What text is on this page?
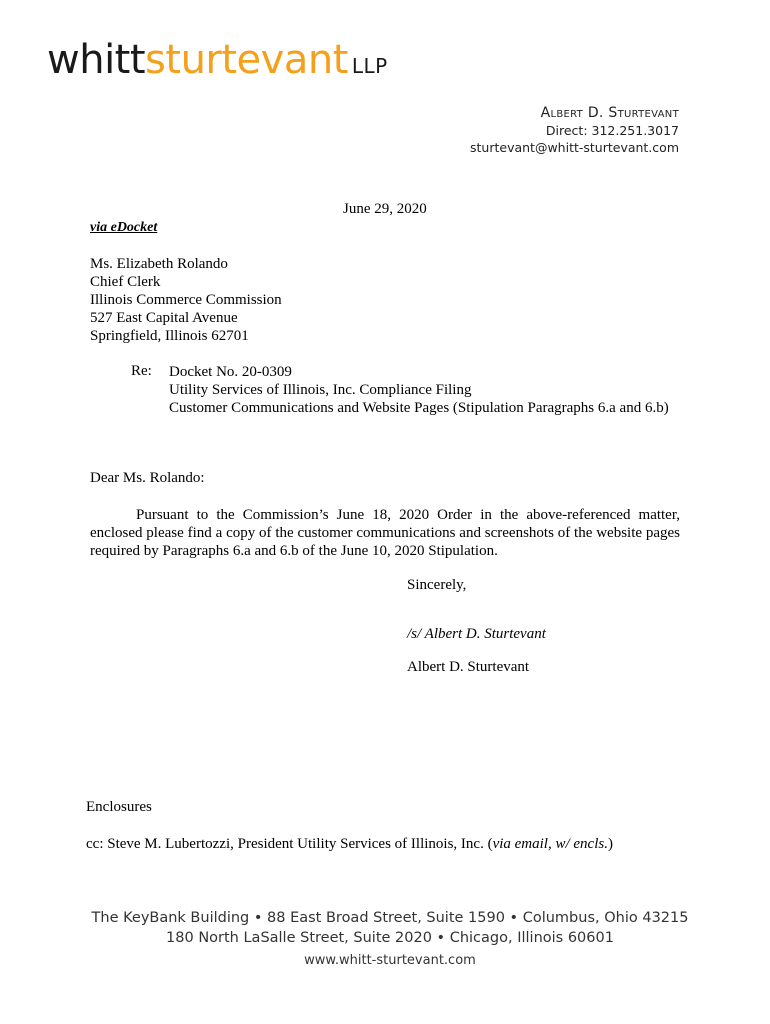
whittsturtevant LLP
Albert D. Sturtevant
Direct: 312.251.3017
sturtevant@whitt-sturtevant.com
June 29, 2020
via eDocket
Ms. Elizabeth Rolando
Chief Clerk
Illinois Commerce Commission
527 East Capital Avenue
Springfield, Illinois 62701
Re: Docket No. 20-0309
Utility Services of Illinois, Inc. Compliance Filing
Customer Communications and Website Pages (Stipulation Paragraphs 6.a and 6.b)
Dear Ms. Rolando:
Pursuant to the Commission’s June 18, 2020 Order in the above-referenced matter, enclosed please find a copy of the customer communications and screenshots of the website pages required by Paragraphs 6.a and 6.b of the June 10, 2020 Stipulation.
Sincerely,
/s/ Albert D. Sturtevant
Albert D. Sturtevant
Enclosures
cc: Steve M. Lubertozzi, President Utility Services of Illinois, Inc. (via email, w/ encls.)
The KeyBank Building • 88 East Broad Street, Suite 1590 • Columbus, Ohio 43215
180 North LaSalle Street, Suite 2020 • Chicago, Illinois 60601
www.whitt-sturtevant.com
